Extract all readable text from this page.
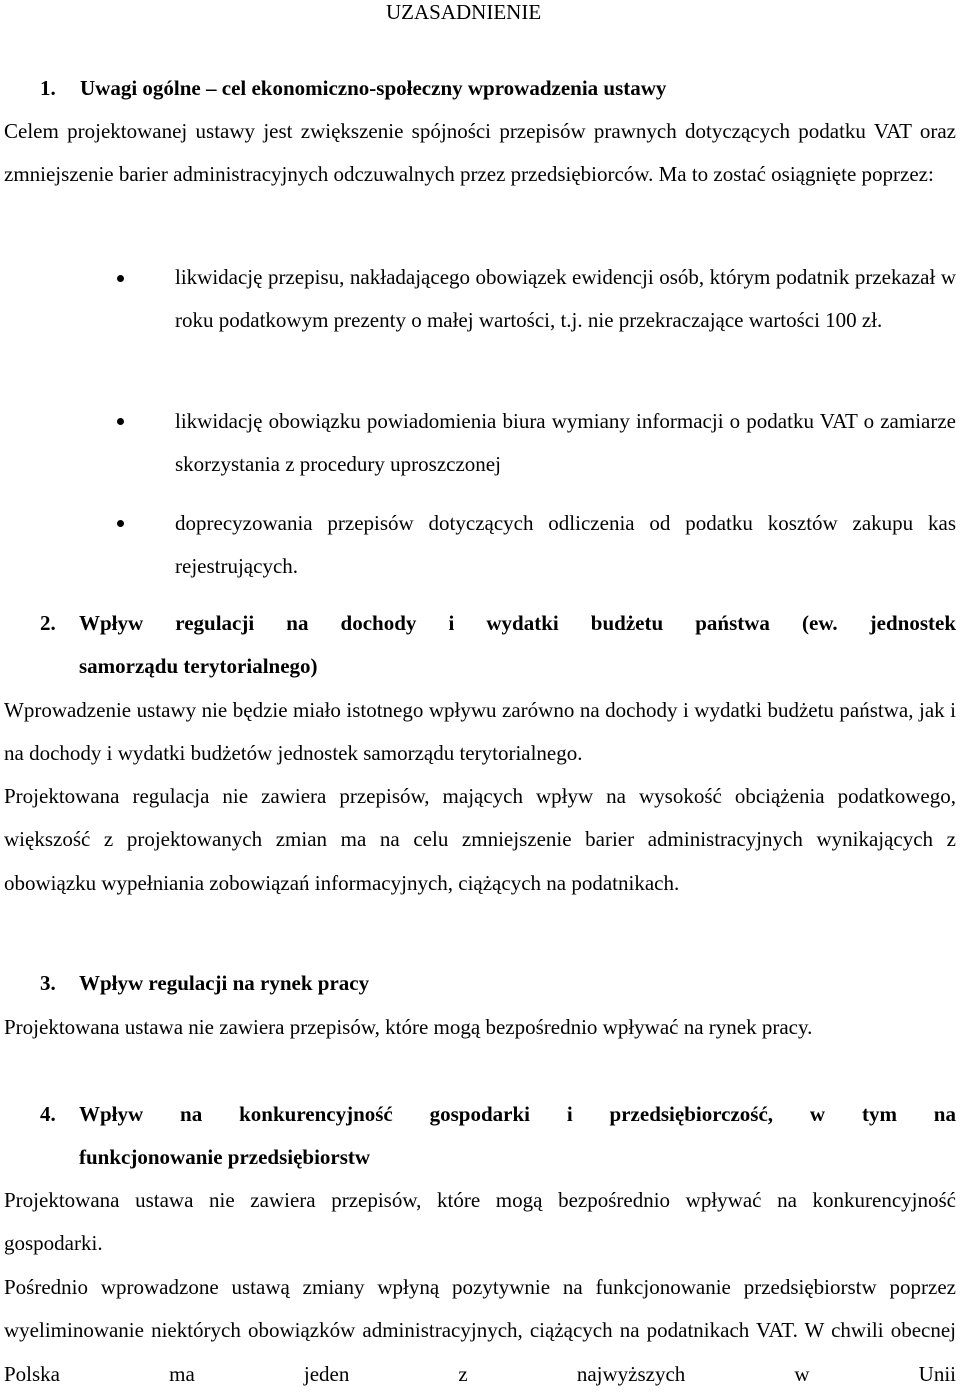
UZASADNIENIE
1. Uwagi ogólne – cel ekonomiczno-społeczny wprowadzenia ustawy

Celem projektowanej ustawy jest zwiększenie spójności przepisów prawnych dotyczących podatku VAT oraz zmniejszenie barier administracyjnych odczuwalnych przez przedsiębiorców. Ma to zostać osiągnięte poprzez:

likwidację przepisu, nakładającego obowiązek ewidencji osób, którym podatnik przekazał w roku podatkowym prezenty o małej wartości, t.j. nie przekraczające wartości 100 zł.
likwidację obowiązku powiadomienia biura wymiany informacji o podatku VAT o zamiarze skorzystania z procedury uproszczonej
doprecyzowania przepisów dotyczących odliczenia od podatku kosztów zakupu kas rejestrujących.
2. Wpływ regulacji na dochody i wydatki budżetu państwa (ew. jednostek
samorządu terytorialnego)

Wprowadzenie ustawy nie będzie miało istotnego wpływu zarówno na dochody i wydatki budżetu państwa, jak i na dochody i wydatki budżetów jednostek samorządu terytorialnego.

Projektowana regulacja nie zawiera przepisów, mających wpływ na wysokość obciążenia podatkowego, większość z projektowanych zmian ma na celu zmniejszenie barier administracyjnych wynikających z obowiązku wypełniania zobowiązań informacyjnych, ciążących na podatnikach.

3. Wpływ regulacji na rynek pracy

Projektowana ustawa nie zawiera przepisów, które mogą bezpośrednio wpływać na rynek pracy.

4. Wpływ na konkurencyjność gospodarki i przedsiębiorczość, w tym na
funkcjonowanie przedsiębiorstw

Projektowana ustawa nie zawiera przepisów, które mogą bezpośrednio wpływać na konkurencyjność gospodarki.

Pośrednio wprowadzone ustawą zmiany wpłyną pozytywnie na funkcjonowanie przedsiębiorstw poprzez wyeliminowanie niektórych obowiązków administracyjnych, ciążących na podatnikach VAT. W chwili obecnej Polska ma jeden z najwyższych w Unii
